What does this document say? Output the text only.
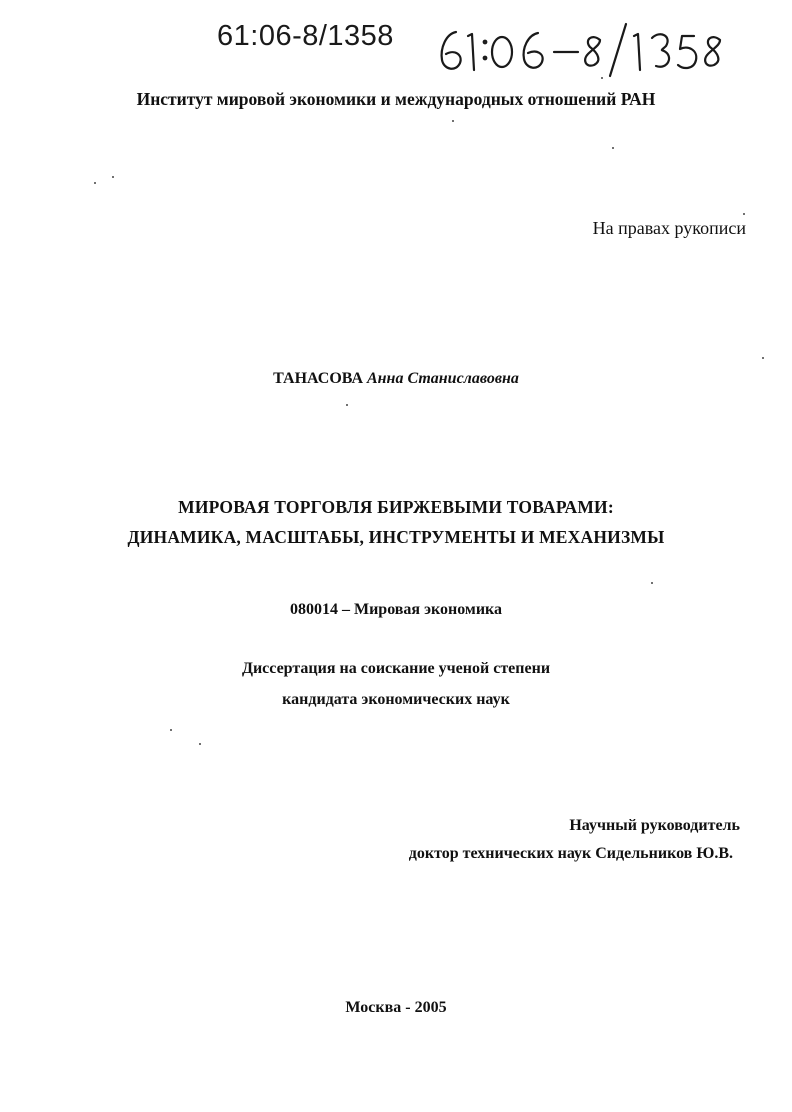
61:06-8/1358
Институт мировой экономики и международных отношений РАН
На правах рукописи
ТАНАСОВА Анна Станиславовна
МИРОВАЯ ТОРГОВЛЯ БИРЖЕВЫМИ ТОВАРАМИ:
ДИНАМИКА, МАСШТАБЫ, ИНСТРУМЕНТЫ И МЕХАНИЗМЫ
080014 – Мировая экономика
Диссертация на соискание ученой степени
кандидата экономических наук
Научный руководитель
доктор технических наук Сидельников Ю.В.
Москва - 2005
